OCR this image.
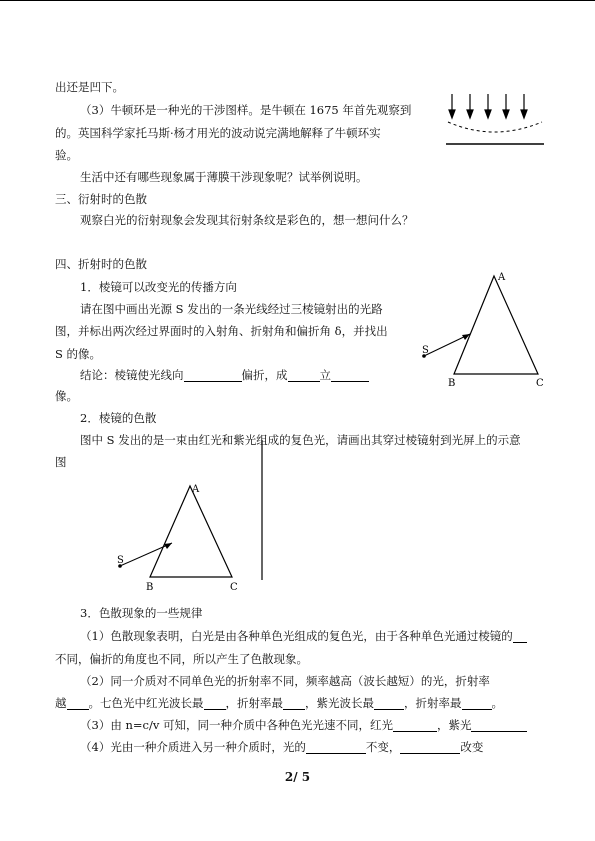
出还是凹下。
（3）牛顿环是一种光的干涉图样。是牛顿在 1675 年首先观察到
的。英国科学家托马斯·杨才用光的波动说完满地解释了牛顿环实
验。
生活中还有哪些现象属于薄膜干涉现象呢？试举例说明。
三、衍射时的色散
观察白光的衍射现象会发现其衍射条纹是彩色的，想一想问什么？
四、折射时的色散
1．棱镜可以改变光的传播方向
请在图中画出光源 S 发出的一条光线经过三棱镜射出的光路
图，并标出两次经过界面时的入射角、折射角和偏折角 δ，并找出
S 的像。
结论：棱镜使光线向	偏折，成	立
像。
A
B	C
S
2．棱镜的色散
图中 S 发出的是一束由红光和紫光组成的复色光，请画出其穿过棱镜射到光屏上的示意
图
A
B	C
S
3．色散现象的一些规律
（1）色散现象表明，白光是由各种单色光组成的复色光，由于各种单色光通过棱镜的
不同，偏折的角度也不同，所以产生了色散现象。
（2）同一介质对不同单色光的折射率不同，频率越高（波长越短）的光，折射率
越 。七色光中红光波长最 ，折射率最 ，紫光波长最	，折射率最	。
（3）由 n=c/v 可知，同一种介质中各种色光光速不同，红光	，紫光
（4）光由一种介质进入另一种介质时，光的	不变，	改变
2/ 5
